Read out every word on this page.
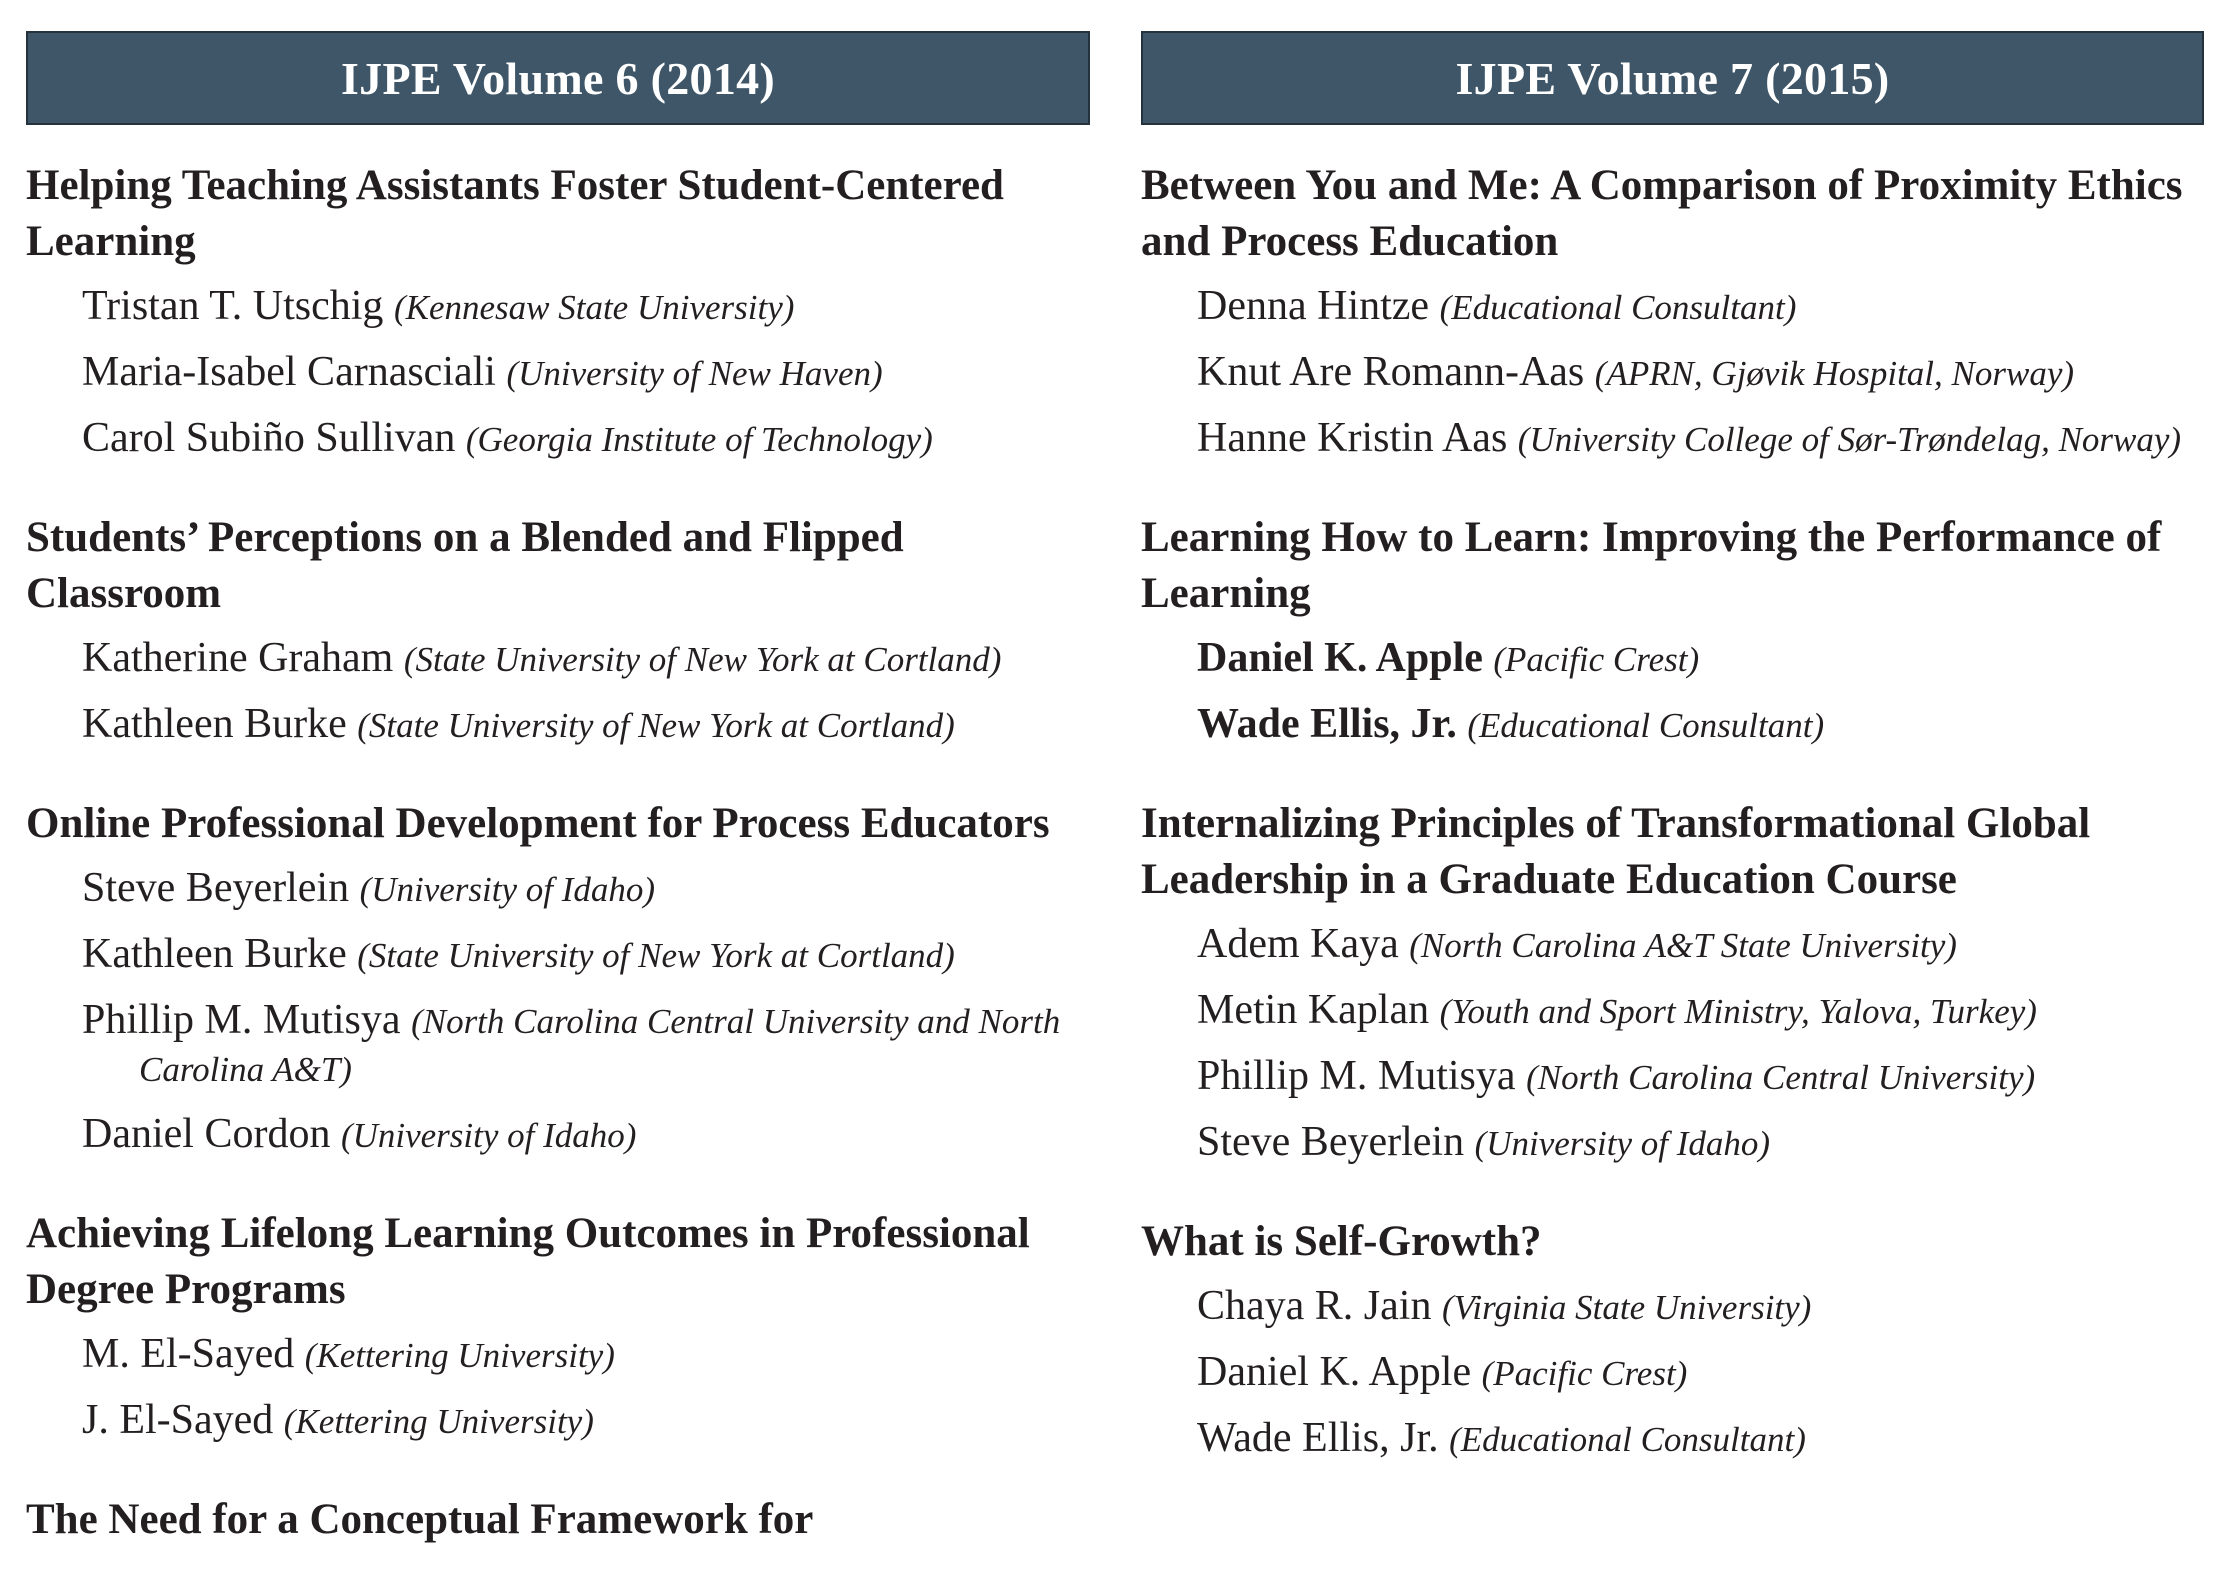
IJPE Volume 6 (2014)
Helping Teaching Assistants Foster Student-Centered Learning
Tristan T. Utschig (Kennesaw State University)
Maria-Isabel Carnasciali (University of New Haven)
Carol Subiño Sullivan (Georgia Institute of Technology)
Students’ Perceptions on a Blended and Flipped Classroom
Katherine Graham (State University of New York at Cortland)
Kathleen Burke (State University of New York at Cortland)
Online Professional Development for Process Educators
Steve Beyerlein (University of Idaho)
Kathleen Burke (State University of New York at Cortland)
Phillip M. Mutisya (North Carolina Central University and North Carolina A&T)
Daniel Cordon (University of Idaho)
Achieving Lifelong Learning Outcomes in Professional Degree Programs
M. El-Sayed (Kettering University)
J. El-Sayed (Kettering University)
The Need for a Conceptual Framework for
IJPE Volume 7 (2015)
Between You and Me: A Comparison of Proximity Ethics and Process Education
Denna Hintze (Educational Consultant)
Knut Are Romann-Aas (APRN, Gjøvik Hospital, Norway)
Hanne Kristin Aas (University College of Sør-Trøndelag, Norway)
Learning How to Learn: Improving the Performance of Learning
Daniel K. Apple (Pacific Crest)
Wade Ellis, Jr. (Educational Consultant)
Internalizing Principles of Transformational Global Leadership in a Graduate Education Course
Adem Kaya (North Carolina A&T State University)
Metin Kaplan (Youth and Sport Ministry, Yalova, Turkey)
Phillip M. Mutisya (North Carolina Central University)
Steve Beyerlein (University of Idaho)
What is Self-Growth?
Chaya R. Jain (Virginia State University)
Daniel K. Apple (Pacific Crest)
Wade Ellis, Jr. (Educational Consultant)
